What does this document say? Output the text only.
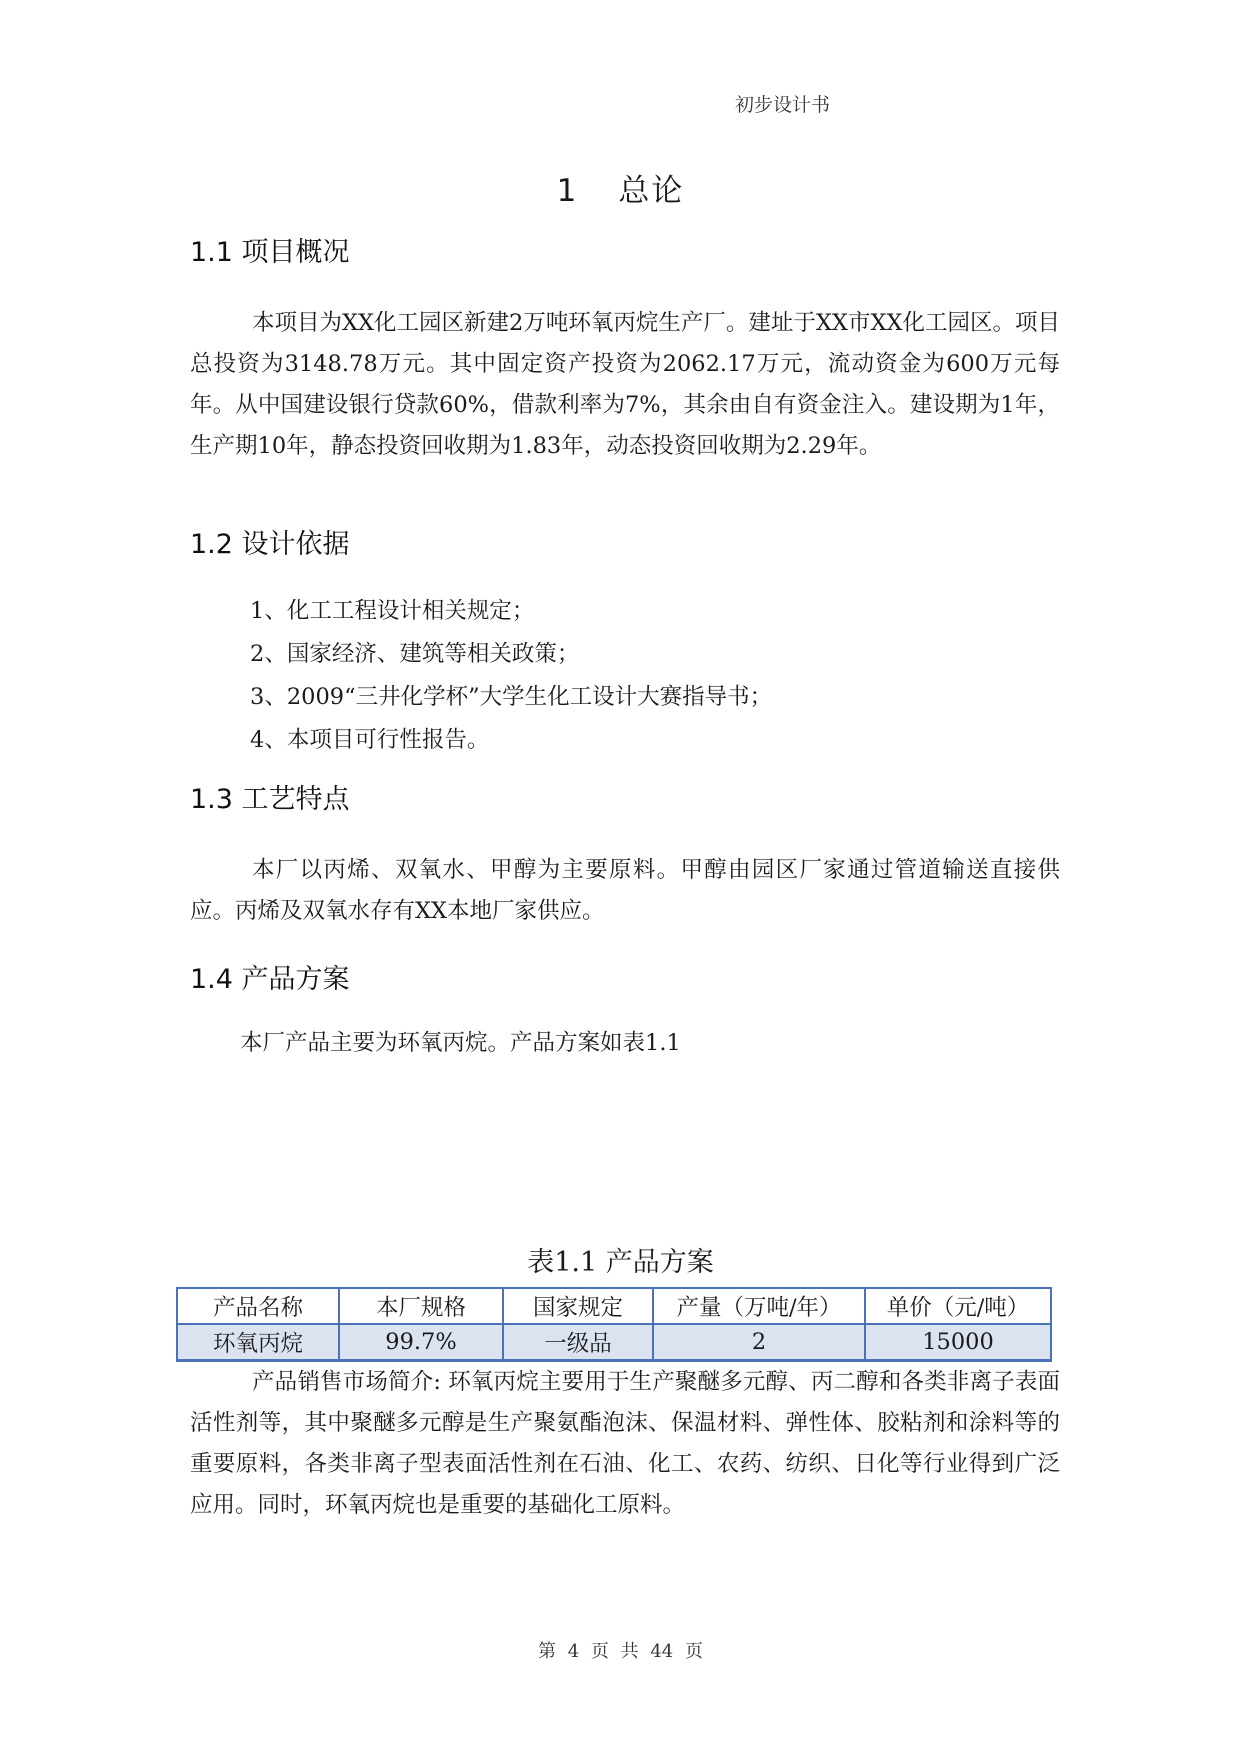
初步设计书
1 总论
1.1 项目概况
本项目为XX化工园区新建2万吨环氧丙烷生产厂。建址于XX市XX化工园区。项目总投资为3148.78万元。其中固定资产投资为2062.17万元，流动资金为600万元每年。从中国建设银行贷款60%，借款利率为7%，其余由自有资金注入。建设期为1年，生产期10年，静态投资回收期为1.83年，动态投资回收期为2.29年。
1.2 设计依据
1、化工工程设计相关规定；
2、国家经济、建筑等相关政策；
3、2009“三井化学杯”大学生化工设计大赛指导书；
4、本项目可行性报告。
1.3 工艺特点
本厂以丙烯、双氧水、甲醇为主要原料。甲醇由园区厂家通过管道输送直接供应。丙烯及双氧水存有XX本地厂家供应。
1.4 产品方案
本厂产品主要为环氧丙烷。产品方案如表1.1
表1.1 产品方案
产品名称	本厂规格	国家规定	产量（万吨/年）	单价（元/吨）
环氧丙烷	99.7%	一级品	2	15000
产品销售市场简介: 环氧丙烷主要用于生产聚醚多元醇、丙二醇和各类非离子表面活性剂等，其中聚醚多元醇是生产聚氨酯泡沫、保温材料、弹性体、胶粘剂和涂料等的重要原料，各类非离子型表面活性剂在石油、化工、农药、纺织、日化等行业得到广泛应用。同时，环氧丙烷也是重要的基础化工原料。
第 4 页 共 44 页
